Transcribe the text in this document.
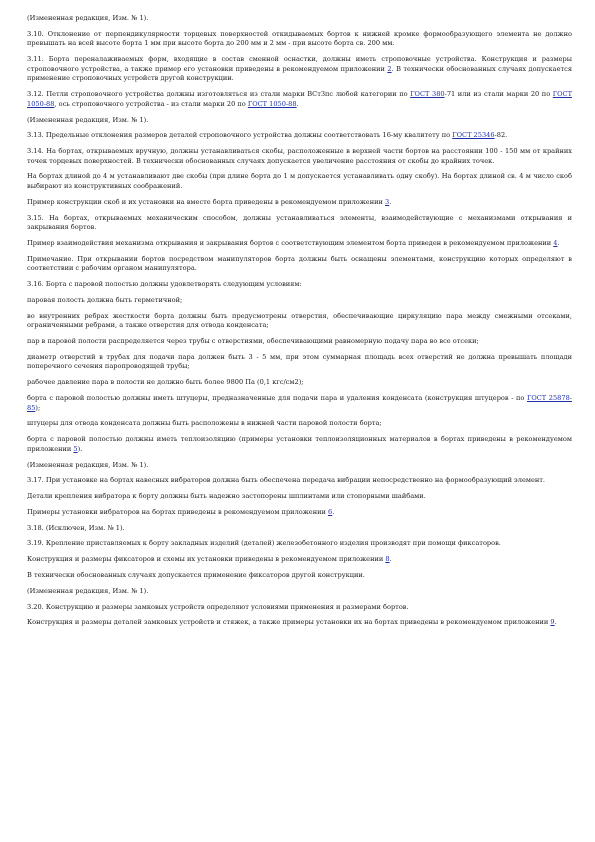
(Измененная редакция, Изм. № 1).

3.10. Отклонение от перпендикулярности торцевых поверхностей откидываемых бортов к нижней кромке формообразующего элемента не должно превышать на всей высоте борта 1 мм при высоте борта до 200 мм и 2 мм - при высоте борта св. 200 мм.

3.11. Борта переналаживаемых форм, входящие в состав сменной оснастки, должны иметь строповочные устройства. Конструкция и размеры строповочного устройства, а также пример его установки приведены в рекомендуемом приложении 2. В технически обоснованных случаях допускается применение строповочных устройств другой конструкции.

3.12. Петли строповочного устройства должны изготовляться из стали марки ВСт3пс любой категории по ГОСТ 380-71 или из стали марки 20 по ГОСТ 1050-88, ось строповочного устройства - из стали марки 20 по ГОСТ 1050-88.

(Измененная редакция, Изм. № 1).

3.13. Предельные отклонения размеров деталей строповочного устройства должны соответствовать 16-му квалитету по ГОСТ 25346-82.

3.14. На бортах, открываемых вручную, должны устанавливаться скобы, расположенные в верхней части бортов на расстоянии 100 - 150 мм от крайних точек торцевых поверхностей. В технически обоснованных случаях допускается увеличение расстояния от скобы до крайних точек.

На бортах длиной до 4 м устанавливают две скобы (при длине борта до 1 м допускается устанавливать одну скобу). На бортах длиной св. 4 м число скоб выбирают из конструктивных соображений.

Пример конструкции скоб и их установки на вместе борта приведены в рекомендуемом приложении 3.

3.15. На бортах, открываемых механическим способом, должны устанавливаться элементы, взаимодействующие с механизмами открывания и закрывания бортов.

Пример взаимодействия механизма открывания и закрывания бортов с соответствующим элементом борта приведен в рекомендуемом приложении 4.

Примечание. При открывании бортов посредством манипуляторов борта должны быть оснащены элементами, конструкцию которых определяют в соответствии с рабочим органом манипулятора.

3.16. Борта с паровой полостью должны удовлетворять следующим условиям:

паровая полость должна быть герметичной;

во внутренних ребрах жесткости борта должны быть предусмотрены отверстия, обеспечивающие циркуляцию пара между смежными отсеками, ограниченными ребрами, а также отверстия для отвода конденсата;

пар в паровой полости распределяется через трубы с отверстиями, обеспечивающими равномерную подачу пара во все отсеки;

диаметр отверстий в трубах для подачи пара должен быть 3 - 5 мм, при этом суммарная площадь всех отверстий не должна превышать площади поперечного сечения паропроводящей трубы;

рабочее давление пара в полости не должно быть более 9800 Па (0,1 кгс/см2);

борта с паровой полостью должны иметь штуцеры, предназначенные для подачи пара и удаления конденсата (конструкция штуцеров - по ГОСТ 25878-85);

штуцеры для отвода конденсата должны быть расположены в нижней части паровой полости борта;

борта с паровой полостью должны иметь теплоизоляцию (примеры установки теплоизоляционных материалов в бортах приведены в рекомендуемом приложении 5).

(Измененная редакция, Изм. № 1).

3.17. При установке на бортах навесных вибраторов должна быть обеспечена передача вибрации непосредственно на формообразующий элемент.

Детали крепления вибратора к борту должны быть надежно застопорены шплинтами или стопорными шайбами.

Примеры установки вибраторов на бортах приведены в рекомендуемом приложении 6.

3.18. (Исключен, Изм. № 1).

3.19. Крепление приставляемых к борту закладных изделий (деталей) железобетонного изделия производят при помощи фиксаторов.

Конструкция и размеры фиксаторов и схемы их установки приведены в рекомендуемом приложении 8.

В технически обоснованных случаях допускается применение фиксаторов другой конструкции.

(Измененная редакция, Изм. № 1).

3.20. Конструкцию и размеры замковых устройств определяют условиями применения и размерами бортов.

Конструкция и размеры деталей замковых устройств и стяжек, а также примеры установки их на бортах приведены в рекомендуемом приложении 9.
